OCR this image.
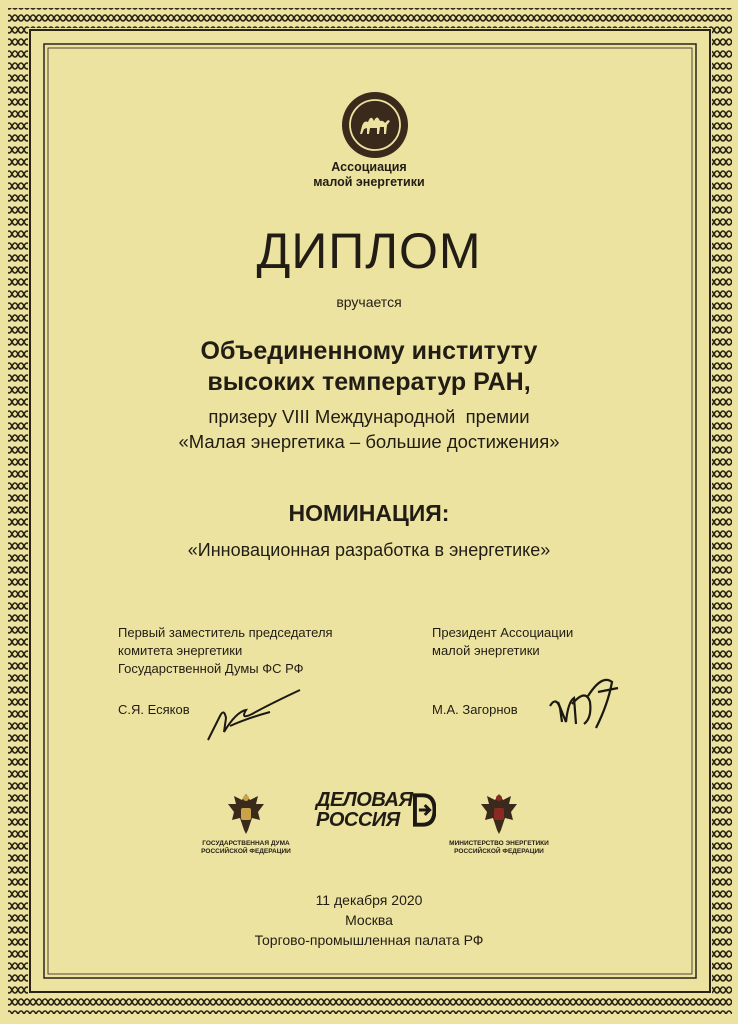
Ассоциация
малой энергетики
ДИПЛОМ
вручается
Объединенному институту
высоких температур РАН,
призеру VIII Международной  премии
«Малая энергетика – большие достижения»
НОМИНАЦИЯ:
«Инновационная разработка в энергетике»
Первый заместитель председателя
комитета энергетики
Государственной Думы ФС РФ
С.Я. Есяков
Президент Ассоциации
малой энергетики
М.А. Загорнов
ГОСУДАРСТВЕННАЯ ДУМА
РОССИЙСКОЙ ФЕДЕРАЦИИ
ДЕЛОВАЯ
РОССИЯ
МИНИСТЕРСТВО ЭНЕРГЕТИКИ
РОССИЙСКОЙ ФЕДЕРАЦИИ
11 декабря 2020
Москва
Торгово-промышленная палата РФ
